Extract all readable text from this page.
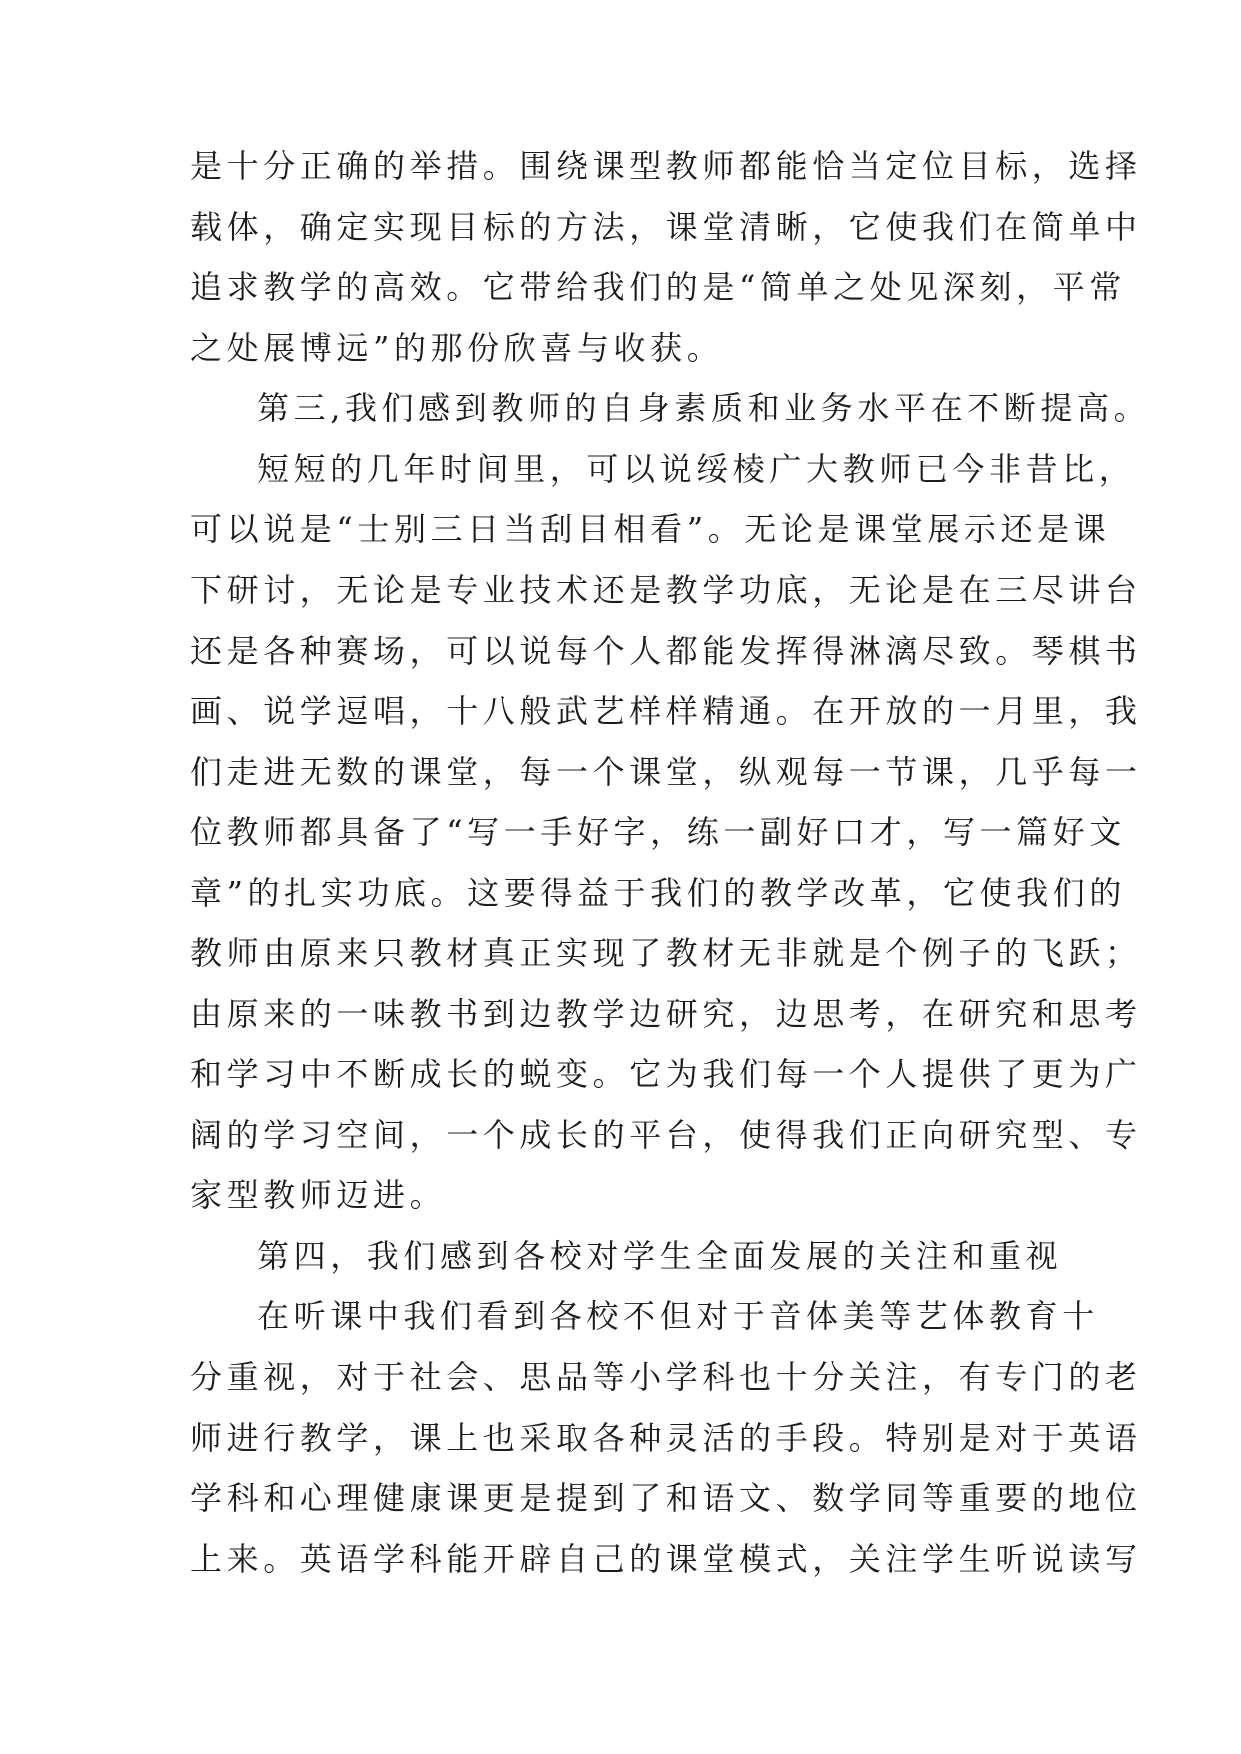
是十分正确的举措。围绕课型教师都能恰当定位目标，选择
载体，确定实现目标的方法，课堂清晰，它使我们在简单中
追求教学的高效。它带给我们的是“简单之处见深刻，平常
之处展博远”的那份欣喜与收获。
第三,我们感到教师的自身素质和业务水平在不断提高。
短短的几年时间里，可以说绥棱广大教师已今非昔比，
可以说是“士别三日当刮目相看”。无论是课堂展示还是课
下研讨，无论是专业技术还是教学功底，无论是在三尽讲台
还是各种赛场，可以说每个人都能发挥得淋漓尽致。琴棋书
画、说学逗唱，十八般武艺样样精通。在开放的一月里，我
们走进无数的课堂，每一个课堂，纵观每一节课，几乎每一
位教师都具备了“写一手好字，练一副好口才，写一篇好文
章”的扎实功底。这要得益于我们的教学改革，它使我们的
教师由原来只教材真正实现了教材无非就是个例子的飞跃；
由原来的一味教书到边教学边研究，边思考，在研究和思考
和学习中不断成长的蜕变。它为我们每一个人提供了更为广
阔的学习空间，一个成长的平台，使得我们正向研究型、专
家型教师迈进。
第四，我们感到各校对学生全面发展的关注和重视
在听课中我们看到各校不但对于音体美等艺体教育十
分重视，对于社会、思品等小学科也十分关注，有专门的老
师进行教学，课上也采取各种灵活的手段。特别是对于英语
学科和心理健康课更是提到了和语文、数学同等重要的地位
上来。英语学科能开辟自己的课堂模式，关注学生听说读写
